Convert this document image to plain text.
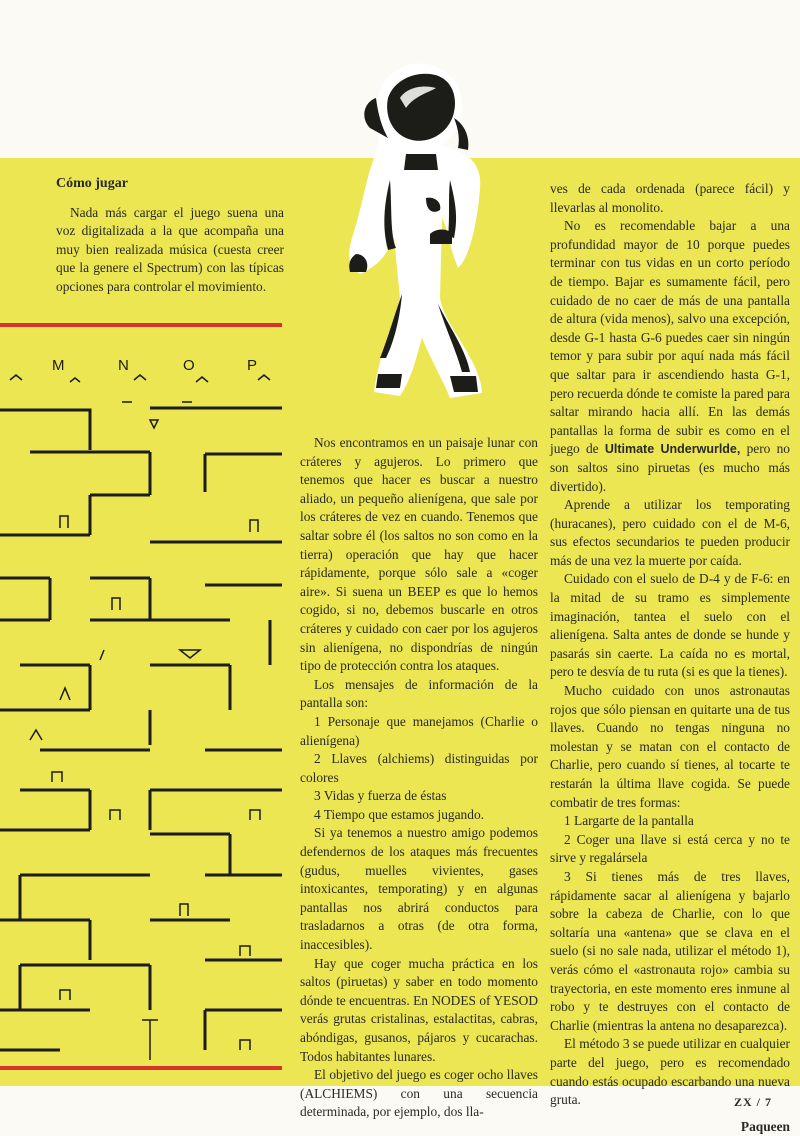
Cómo jugar

Nada más cargar el juego suena una voz digitalizada a la que acompaña una muy bien realizada música (cuesta creer que la genere el Spectrum) con las típicas opciones para controlar el movimiento.

M	N	O	P

Nos encontramos en un paisaje lunar con cráteres y agujeros. Lo primero que tenemos que hacer es buscar a nuestro aliado, un pequeño alienígena, que sale por los cráteres de vez en cuando. Tenemos que saltar sobre él (los saltos no son como en la tierra) operación que hay que hacer rápidamente, porque sólo sale a «coger aire». Si suena un BEEP es que lo hemos cogido, si no, debemos buscarle en otros cráteres y cuidado con caer por los agujeros sin alienígena, no dispondrías de ningún tipo de protección contra los ataques.

Los mensajes de información de la pantalla son:

1 Personaje que manejamos (Charlie o alienígena)

2 Llaves (alchiems) distinguidas por colores

3 Vidas y fuerza de éstas

4 Tiempo que estamos jugando.

Si ya tenemos a nuestro amigo podemos defendernos de los ataques más frecuentes (gudus, muelles vivientes, gases intoxicantes, temporating) y en algunas pantallas nos abrirá conductos para trasladarnos a otras (de otra forma, inaccesibles).

Hay que coger mucha práctica en los saltos (piruetas) y saber en todo momento dónde te encuentras. En NODES of YESOD verás grutas cristalinas, estalactitas, cabras, abóndigas, gusanos, pájaros y cucarachas. Todos habitantes lunares.

El objetivo del juego es coger ocho llaves (ALCHIEMS) con una secuencia determinada, por ejemplo, dos lla-

ves de cada ordenada (parece fácil) y llevarlas al monolito.

No es recomendable bajar a una profundidad mayor de 10 porque puedes terminar con tus vidas en un corto período de tiempo. Bajar es sumamente fácil, pero cuidado de no caer de más de una pantalla de altura (vida menos), salvo una excepción, desde G-1 hasta G-6 puedes caer sin ningún temor y para subir por aquí nada más fácil que saltar para ir ascendiendo hasta G-1, pero recuerda dónde te comiste la pared para saltar mirando hacia allí. En las demás pantallas la forma de subir es como en el juego de Ultimate Underwurlde, pero no son saltos sino piruetas (es mucho más divertido).

Aprende a utilizar los temporating (huracanes), pero cuidado con el de M-6, sus efectos secundarios te pueden producir más de una vez la muerte por caída.

Cuidado con el suelo de D-4 y de F-6: en la mitad de su tramo es simplemente imaginación, tantea el suelo con el alienígena. Salta antes de donde se hunde y pasarás sin caerte. La caída no es mortal, pero te desvía de tu ruta (si es que la tienes).

Mucho cuidado con unos astronautas rojos que sólo piensan en quitarte una de tus llaves. Cuando no tengas ninguna no molestan y se matan con el contacto de Charlie, pero cuando sí tienes, al tocarte te restarán la última llave cogida. Se puede combatir de tres formas:

1 Largarte de la pantalla

2 Coger una llave si está cerca y no te sirve y regalársela

3 Si tienes más de tres llaves, rápidamente sacar al alienígena y bajarlo sobre la cabeza de Charlie, con lo que soltaría una «antena» que se clava en el suelo (si no sale nada, utilizar el método 1), verás cómo el «astronauta rojo» cambia su trayectoria, en este momento eres inmune al robo y te destruyes con el contacto de Charlie (mientras la antena no desaparezca).

El método 3 se puede utilizar en cualquier parte del juego, pero es recomendado cuando estás ocupado escarbando una nueva gruta.

Paqueen
ZX / 7
